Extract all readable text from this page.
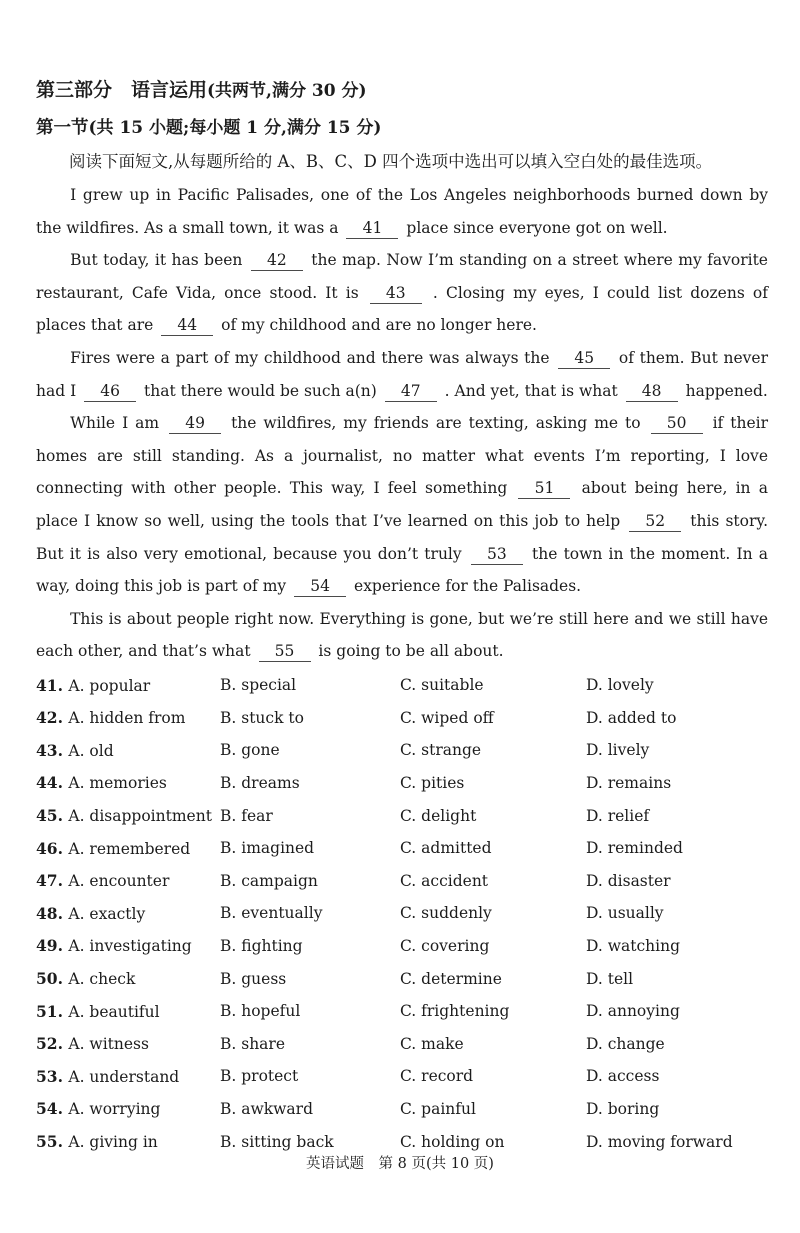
第三部分　语言运用(共两节,满分 30 分)
第一节(共 15 小题;每小题 1 分,满分 15 分)

阅读下面短文,从每题所给的 A、B、C、D 四个选项中选出可以填入空白处的最佳选项。

I grew up in Pacific Palisades, one of the Los Angeles neighborhoods burned down by the wildfires. As a small town, it was a 41 place since everyone got on well.

But today, it has been 42 the map. Now I’m standing on a street where my favorite restaurant, Cafe Vida, once stood. It is 43 . Closing my eyes, I could list dozens of places that are 44 of my childhood and are no longer here.

Fires were a part of my childhood and there was always the 45 of them. But never had I 46 that there would be such a(n) 47 . And yet, that is what 48 happened.

While I am 49 the wildfires, my friends are texting, asking me to 50 if their homes are still standing. As a journalist, no matter what events I’m reporting, I love connecting with other people. This way, I feel something 51 about being here, in a place I know so well, using the tools that I’ve learned on this job to help 52 this story. But it is also very emotional, because you don’t truly 53 the town in the moment. In a way, doing this job is part of my 54 experience for the Palisades.

This is about people right now. Everything is gone, but we’re still here and we still have each other, and that’s what 55 is going to be all about.

41. A. popular	B. special	C. suitable	D. lovely
42. A. hidden from	B. stuck to	C. wiped off	D. added to
43. A. old	B. gone	C. strange	D. lively
44. A. memories	B. dreams	C. pities	D. remains
45. A. disappointment B. fear	C. delight	D. relief
46. A. remembered	B. imagined	C. admitted	D. reminded
47. A. encounter	B. campaign	C. accident	D. disaster
48. A. exactly	B. eventually	C. suddenly	D. usually
49. A. investigating	B. fighting	C. covering	D. watching
50. A. check	B. guess	C. determine	D. tell
51. A. beautiful	B. hopeful	C. frightening	D. annoying
52. A. witness	B. share	C. make	D. change
53. A. understand	B. protect	C. record	D. access
54. A. worrying	B. awkward	C. painful	D. boring
55. A. giving in	B. sitting back	C. holding on	D. moving forward
英语试题　第 8 页(共 10 页)
